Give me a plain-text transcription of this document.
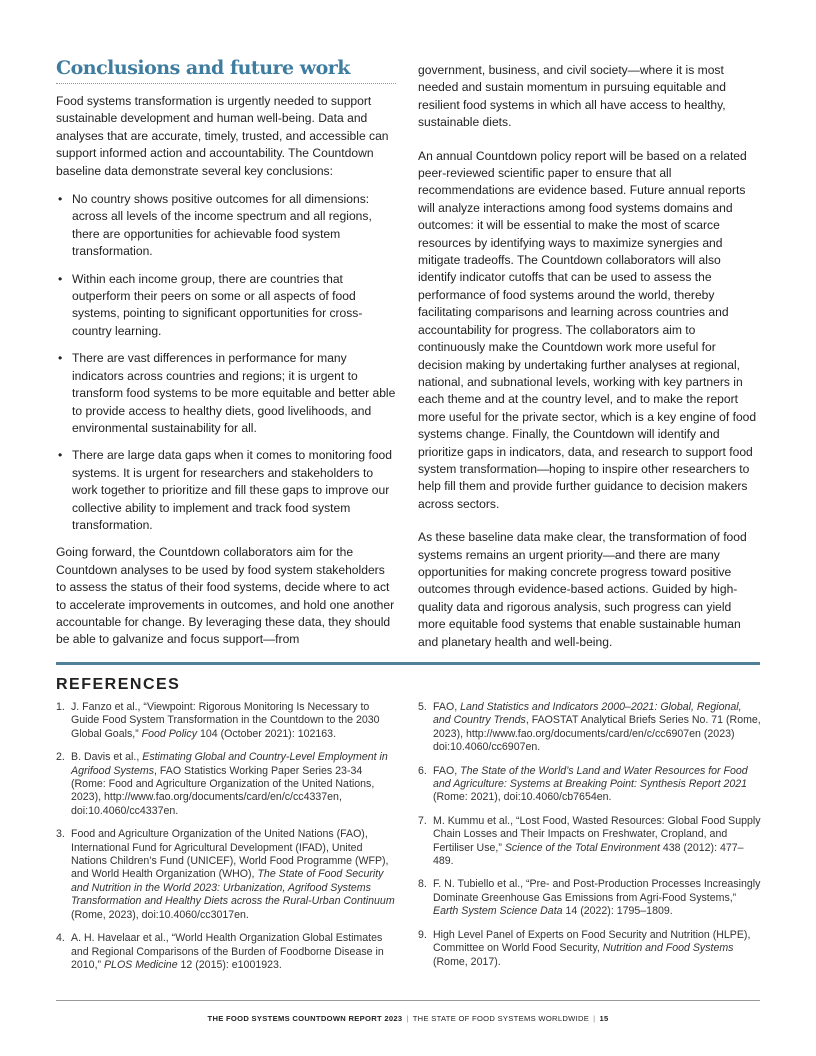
Conclusions and future work

Food systems transformation is urgently needed to support sustainable development and human well-being. Data and analyses that are accurate, timely, trusted, and accessible can support informed action and accountability. The Countdown baseline data demonstrate several key conclusions:

• No country shows positive outcomes for all dimensions: across all levels of the income spectrum and all regions, there are opportunities for achievable food system transformation.
• Within each income group, there are countries that outperform their peers on some or all aspects of food systems, pointing to significant opportunities for cross-country learning.
• There are vast differences in performance for many indicators across countries and regions; it is urgent to transform food systems to be more equitable and better able to provide access to healthy diets, good livelihoods, and environmental sustainability for all.
• There are large data gaps when it comes to monitoring food systems. It is urgent for researchers and stakeholders to work together to prioritize and fill these gaps to improve our collective ability to implement and track food system transformation.

Going forward, the Countdown collaborators aim for the Countdown analyses to be used by food system stakeholders to assess the status of their food systems, decide where to act to accelerate improvements in outcomes, and hold one another accountable for change. By leveraging these data, they should be able to galvanize and focus support—from

government, business, and civil society—where it is most needed and sustain momentum in pursuing equitable and resilient food systems in which all have access to healthy, sustainable diets.

An annual Countdown policy report will be based on a related peer-reviewed scientific paper to ensure that all recommendations are evidence based. Future annual reports will analyze interactions among food systems domains and outcomes: it will be essential to make the most of scarce resources by identifying ways to maximize synergies and mitigate tradeoffs. The Countdown collaborators will also identify indicator cutoffs that can be used to assess the performance of food systems around the world, thereby facilitating comparisons and learning across countries and accountability for progress. The collaborators aim to continuously make the Countdown work more useful for decision making by undertaking further analyses at regional, national, and subnational levels, working with key partners in each theme and at the country level, and to make the report more useful for the private sector, which is a key engine of food systems change. Finally, the Countdown will identify and prioritize gaps in indicators, data, and research to support food system transformation—hoping to inspire other researchers to help fill them and provide further guidance to decision makers across sectors.

As these baseline data make clear, the transformation of food systems remains an urgent priority—and there are many opportunities for making concrete progress toward positive outcomes through evidence-based actions. Guided by high-quality data and rigorous analysis, such progress can yield more equitable food systems that enable sustainable human and planetary health and well-being.

REFERENCES
1. J. Fanzo et al., “Viewpoint: Rigorous Monitoring Is Necessary to Guide Food System Transformation in the Countdown to the 2030 Global Goals,” Food Policy 104 (October 2021): 102163.
2. B. Davis et al., Estimating Global and Country-Level Employment in Agrifood Systems, FAO Statistics Working Paper Series 23-34 (Rome: Food and Agriculture Organization of the United Nations, 2023), http://www.fao.org/documents/card/en/c/cc4337en, doi:10.4060/cc4337en.
3. Food and Agriculture Organization of the United Nations (FAO), International Fund for Agricultural Development (IFAD), United Nations Children’s Fund (UNICEF), World Food Programme (WFP), and World Health Organization (WHO), The State of Food Security and Nutrition in the World 2023: Urbanization, Agrifood Systems Transformation and Healthy Diets across the Rural-Urban Continuum (Rome, 2023), doi:10.4060/cc3017en.
4. A. H. Havelaar et al., “World Health Organization Global Estimates and Regional Comparisons of the Burden of Foodborne Disease in 2010,” PLOS Medicine 12 (2015): e1001923.
5. FAO, Land Statistics and Indicators 2000–2021: Global, Regional, and Country Trends, FAOSTAT Analytical Briefs Series No. 71 (Rome, 2023), http://www.fao.org/documents/card/en/c/cc6907en (2023) doi:10.4060/cc6907en.
6. FAO, The State of the World’s Land and Water Resources for Food and Agriculture: Systems at Breaking Point: Synthesis Report 2021 (Rome: 2021), doi:10.4060/cb7654en.
7. M. Kummu et al., “Lost Food, Wasted Resources: Global Food Supply Chain Losses and Their Impacts on Freshwater, Cropland, and Fertiliser Use,” Science of the Total Environment 438 (2012): 477–489.
8. F. N. Tubiello et al., “Pre- and Post-Production Processes Increasingly Dominate Greenhouse Gas Emissions from Agri-Food Systems,” Earth System Science Data 14 (2022): 1795–1809.
9. High Level Panel of Experts on Food Security and Nutrition (HLPE), Committee on World Food Security, Nutrition and Food Systems (Rome, 2017).
THE FOOD SYSTEMS COUNTDOWN REPORT 2023 | THE STATE OF FOOD SYSTEMS WORLDWIDE | 15
